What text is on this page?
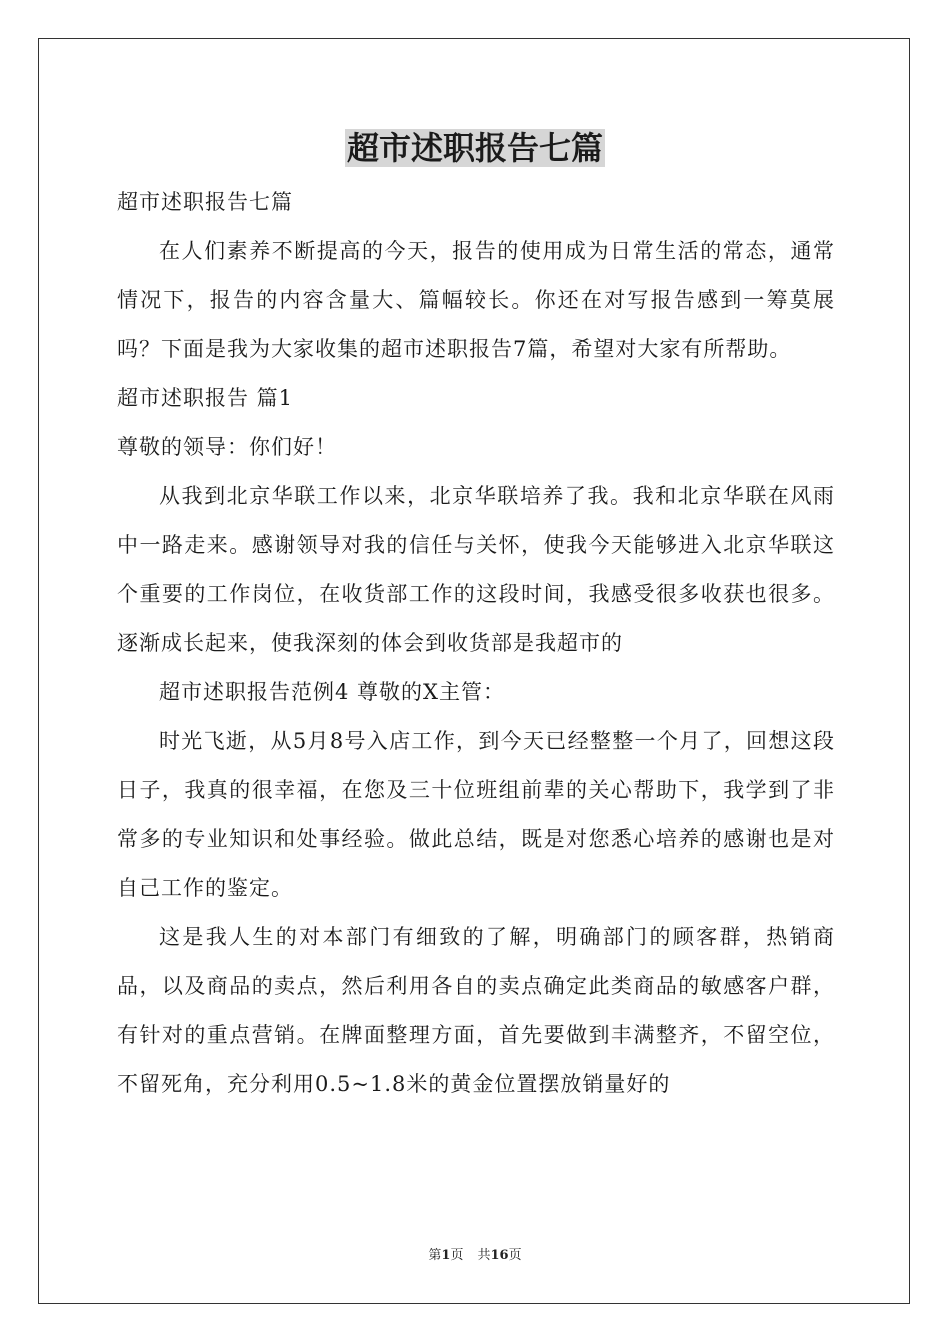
超市述职报告七篇

超市述职报告七篇

在人们素养不断提高的今天，报告的使用成为日常生活的常态，通常情况下，报告的内容含量大、篇幅较长。你还在对写报告感到一筹莫展吗？下面是我为大家收集的超市述职报告7篇，希望对大家有所帮助。

超市述职报告 篇1

尊敬的领导：你们好！

从我到北京华联工作以来，北京华联培养了我。我和北京华联在风雨中一路走来。感谢领导对我的信任与关怀，使我今天能够进入北京华联这个重要的工作岗位，在收货部工作的这段时间，我感受很多收获也很多。逐渐成长起来，使我深刻的体会到收货部是我超市的

超市述职报告范例4 尊敬的X主管：

时光飞逝，从5月8号入店工作，到今天已经整整一个月了，回想这段日子，我真的很幸福，在您及三十位班组前辈的关心帮助下，我学到了非常多的专业知识和处事经验。做此总结，既是对您悉心培养的感谢也是对自己工作的鉴定。

这是我人生的对本部门有细致的了解，明确部门的顾客群，热销商品，以及商品的卖点，然后利用各自的卖点确定此类商品的敏感客户群，有针对的重点营销。在牌面整理方面，首先要做到丰满整齐，不留空位，不留死角，充分利用0.5~1.8米的黄金位置摆放销量好的

第1页 共16页
